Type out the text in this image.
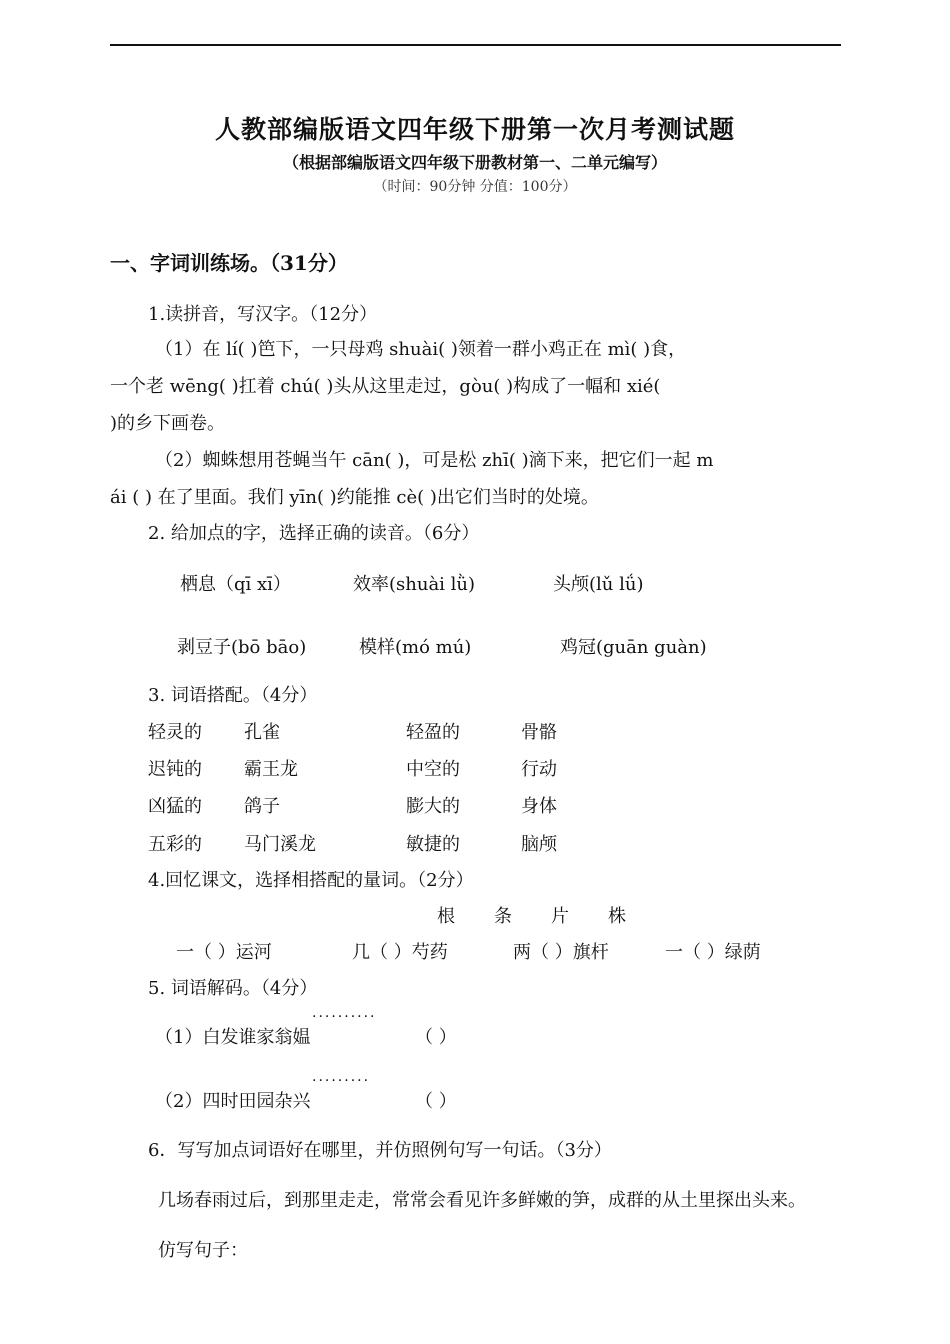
人教部编版语文四年级下册第一次月考测试题
（根据部编版语文四年级下册教材第一、二单元编写）
（时间：90分钟 分值：100分）
一、字词训练场。（31分）
1.读拼音，写汉字。（12分）
（1）在 lí( )笆下，一只母鸡 shuài( )领着一群小鸡正在 mì( )食，
一个老 wēng( )扛着 chú( )头从这里走过，gòu( )构成了一幅和 xié(
)的乡下画卷。
（2）蜘蛛想用苍蝇当午 cān( )，可是松 zhī( )滴下来，把它们一起 m
ái ( ) 在了里面。我们 yīn( )约能推 cè( )出它们当时的处境。
2. 给加点的字，选择正确的读音。（6分）
栖息（qī xī）	效率(shuài lǜ)	头颅(lǔ lǘ)
剥豆子(bō bāo)	模样(mó mú)	鸡冠(guān guàn)
3. 词语搭配。（4分）
轻灵的 孔雀	轻盈的	骨骼
迟钝的 霸王龙	中空的	行动
凶猛的 鸽子	膨大的	身体
五彩的 马门溪龙	敏捷的	脑颅
4.回忆课文，选择相搭配的量词。（2分）
根 条 片 株
一（ ）运河	几（ ）芍药	两（ ）旗杆	一（ ）绿荫
5. 词语解码。（4分）
··········
（1）白发谁家翁媪	（ ）
·········
（2）四时田园杂兴	（ ）
6．写写加点词语好在哪里，并仿照例句写一句话。（3分）
几场春雨过后，到那里走走，常常会看见许多鲜嫩的笋，成群的从土里探出头来。
仿写句子：
